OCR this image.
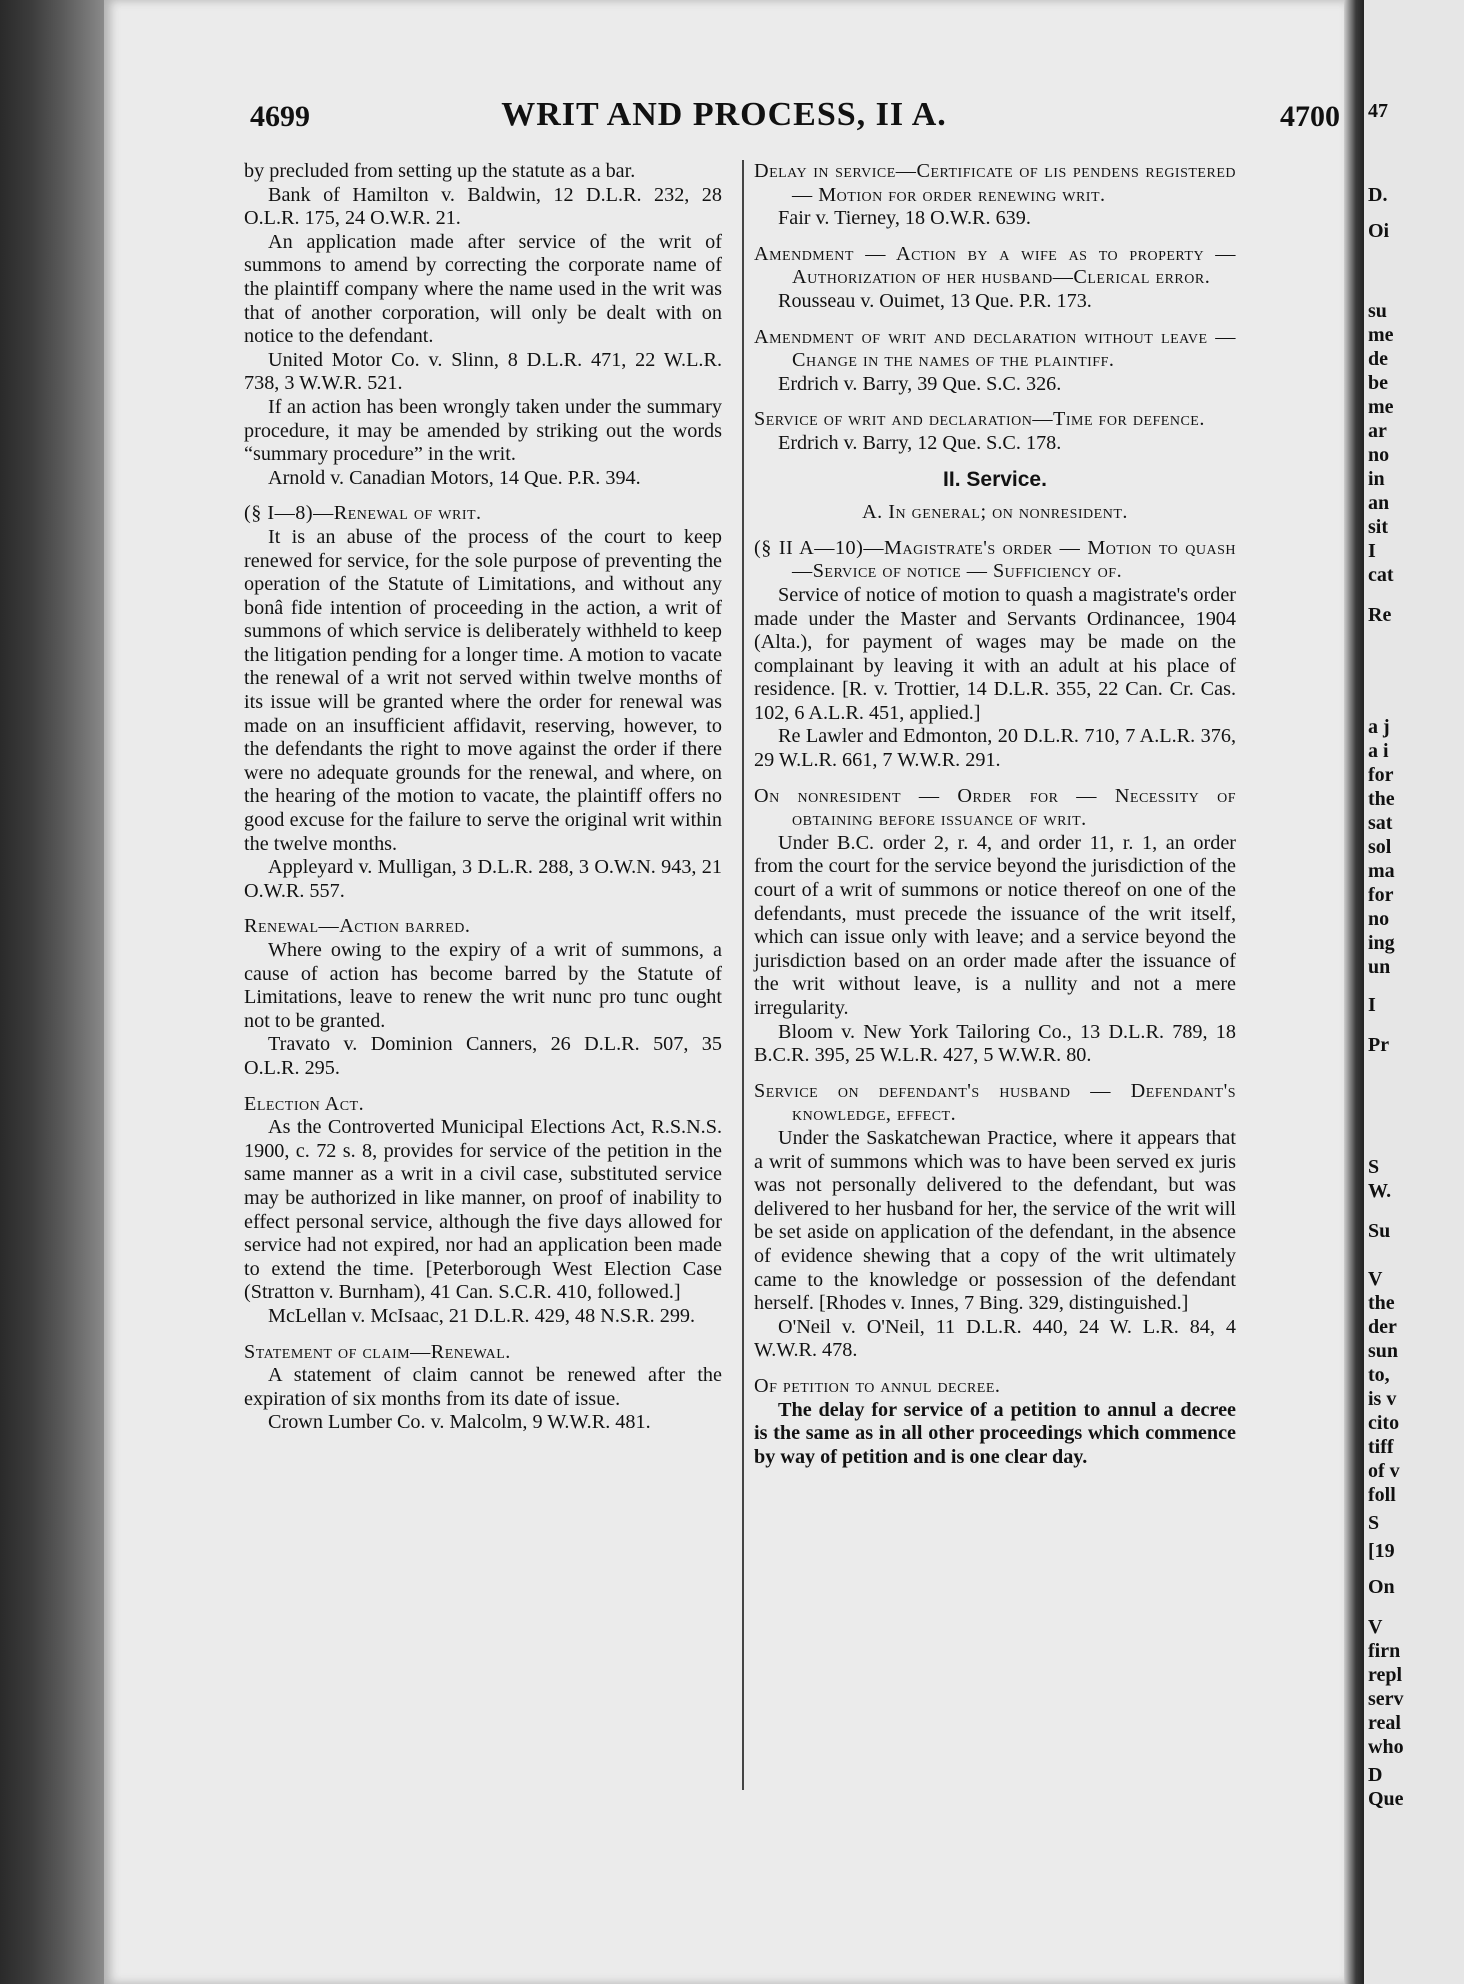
4699	WRIT AND PROCESS, II A.	4700

by precluded from setting up the statute as a bar.

Bank of Hamilton v. Baldwin, 12 D.L.R. 232, 28 O.L.R. 175, 24 O.W.R. 21.

An application made after service of the writ of summons to amend by correcting the corporate name of the plaintiff company where the name used in the writ was that of another corporation, will only be dealt with on notice to the defendant.

United Motor Co. v. Slinn, 8 D.L.R. 471, 22 W.L.R. 738, 3 W.W.R. 521.

If an action has been wrongly taken under the summary procedure, it may be amended by striking out the words “summary procedure” in the writ.

Arnold v. Canadian Motors, 14 Que. P.R. 394.

(§ I—8)—Renewal of writ.

It is an abuse of the process of the court to keep renewed for service, for the sole purpose of preventing the operation of the Statute of Limitations, and without any bonâ fide intention of proceeding in the action, a writ of summons of which service is deliberately withheld to keep the litigation pending for a longer time. A motion to vacate the renewal of a writ not served within twelve months of its issue will be granted where the order for renewal was made on an insufficient affidavit, reserving, however, to the defendants the right to move against the order if there were no adequate grounds for the renewal, and where, on the hearing of the motion to vacate, the plaintiff offers no good excuse for the failure to serve the original writ within the twelve months.

Appleyard v. Mulligan, 3 D.L.R. 288, 3 O.W.N. 943, 21 O.W.R. 557.

Renewal—Action barred.

Where owing to the expiry of a writ of summons, a cause of action has become barred by the Statute of Limitations, leave to renew the writ nunc pro tunc ought not to be granted.

Travato v. Dominion Canners, 26 D.L.R. 507, 35 O.L.R. 295.

Election Act.

As the Controverted Municipal Elections Act, R.S.N.S. 1900, c. 72 s. 8, provides for service of the petition in the same manner as a writ in a civil case, substituted service may be authorized in like manner, on proof of inability to effect personal service, although the five days allowed for service had not expired, nor had an application been made to extend the time. [Peterborough West Election Case (Stratton v. Burnham), 41 Can. S.C.R. 410, followed.]

McLellan v. McIsaac, 21 D.L.R. 429, 48 N.S.R. 299.

Statement of claim—Renewal.

A statement of claim cannot be renewed after the expiration of six months from its date of issue.

Crown Lumber Co. v. Malcolm, 9 W.W.R. 481.

Delay in service—Certificate of lis pendens registered — Motion for order renewing writ.

Fair v. Tierney, 18 O.W.R. 639.

Amendment — Action by a wife as to property — Authorization of her husband—Clerical error.

Rousseau v. Ouimet, 13 Que. P.R. 173.

Amendment of writ and declaration without leave — Change in the names of the plaintiff.

Erdrich v. Barry, 39 Que. S.C. 326.

Service of writ and declaration—Time for defence.

Erdrich v. Barry, 12 Que. S.C. 178.

II. Service.

A. In general; on nonresident.

(§ II A—10)—Magistrate's order — Motion to quash—Service of notice — Sufficiency of.

Service of notice of motion to quash a magistrate's order made under the Master and Servants Ordinancee, 1904 (Alta.), for payment of wages may be made on the complainant by leaving it with an adult at his place of residence. [R. v. Trottier, 14 D.L.R. 355, 22 Can. Cr. Cas. 102, 6 A.L.R. 451, applied.]

Re Lawler and Edmonton, 20 D.L.R. 710, 7 A.L.R. 376, 29 W.L.R. 661, 7 W.W.R. 291.

On nonresident — Order for — Necessity of obtaining before issuance of writ.

Under B.C. order 2, r. 4, and order 11, r. 1, an order from the court for the service beyond the jurisdiction of the court of a writ of summons or notice thereof on one of the defendants, must precede the issuance of the writ itself, which can issue only with leave; and a service beyond the jurisdiction based on an order made after the issuance of the writ without leave, is a nullity and not a mere irregularity.

Bloom v. New York Tailoring Co., 13 D.L.R. 789, 18 B.C.R. 395, 25 W.L.R. 427, 5 W.W.R. 80.

Service on defendant's husband — Defendant's knowledge, effect.

Under the Saskatchewan Practice, where it appears that a writ of summons which was to have been served ex juris was not personally delivered to the defendant, but was delivered to her husband for her, the service of the writ will be set aside on application of the defendant, in the absence of evidence shewing that a copy of the writ ultimately came to the knowledge or possession of the defendant herself. [Rhodes v. Innes, 7 Bing. 329, distinguished.]

O'Neil v. O'Neil, 11 D.L.R. 440, 24 W. L.R. 84, 4 W.W.R. 478.

Of petition to annul decree.

The delay for service of a petition to annul a decree is the same as in all other proceedings which commence by way of petition and is one clear day.

47
D.
Oi
su
me
de
be
me
ar
no
in
an
sit
I
cat
Re
a j
a i
for
the
sat
sol
ma
for
no
ing
un
I
Pr
S
W.
Su
V
the
der
sun
to,
is v
cito
tiff
of v
foll
S
[19
On
V
firn
repl
serv
real
who
D
Que
